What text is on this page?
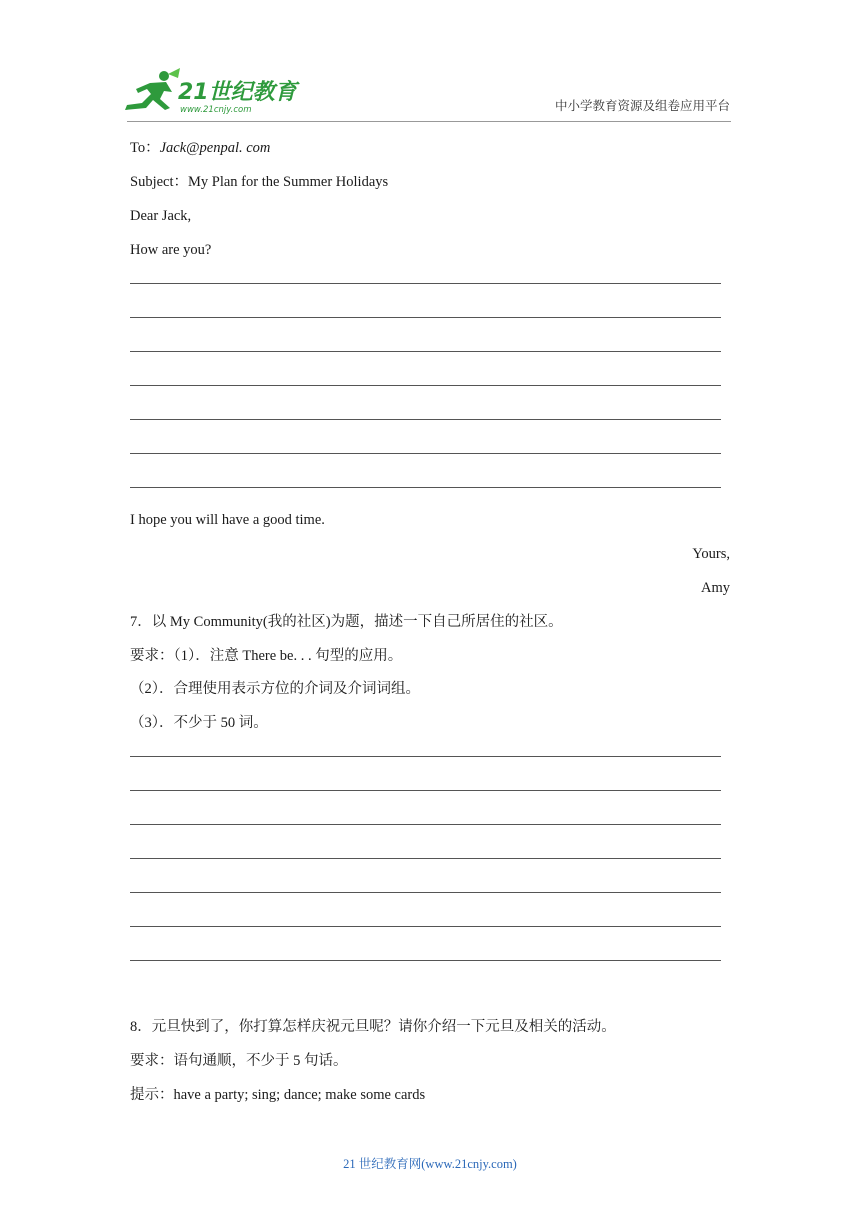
21世纪教育
www.21cnjy.com	中小学教育资源及组卷应用平台
To：Jack@penpal. com
Subject：My Plan for the Summer Holidays
Dear Jack,
How are you?
I hope you will have a good time.
Yours,
Amy
7．以 My Community(我的社区)为题，描述一下自己所居住的社区。
要求：（1）．注意 There be. . . 句型的应用。
（2）．合理使用表示方位的介词及介词词组。
（3）．不少于 50 词。
8．元旦快到了，你打算怎样庆祝元旦呢？请你介绍一下元旦及相关的活动。
要求：语句通顺，不少于 5 句话。
提示：have a party; sing; dance; make some cards
21 世纪教育网(www.21cnjy.com)
